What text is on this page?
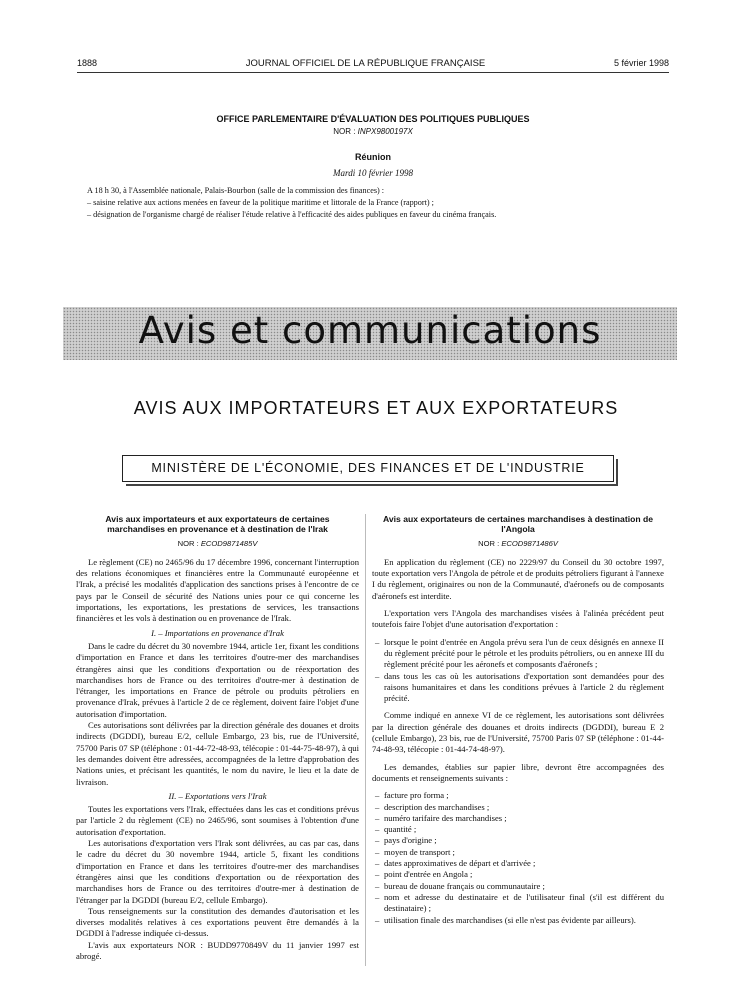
1888	JOURNAL OFFICIEL DE LA RÉPUBLIQUE FRANÇAISE	5 février 1998
OFFICE PARLEMENTAIRE D'ÉVALUATION DES POLITIQUES PUBLIQUES
NOR : INPX9800197X
Réunion
Mardi 10 février 1998
A 18 h 30, à l'Assemblée nationale, Palais-Bourbon (salle de la commission des finances) :
– saisine relative aux actions menées en faveur de la politique maritime et littorale de la France (rapport) ;
– désignation de l'organisme chargé de réaliser l'étude relative à l'efficacité des aides publiques en faveur du cinéma français.
Avis et communications
AVIS AUX IMPORTATEURS ET AUX EXPORTATEURS
MINISTÈRE DE L'ÉCONOMIE, DES FINANCES ET DE L'INDUSTRIE
Avis aux importateurs et aux exportateurs de certaines marchandises en provenance et à destination de l'Irak
NOR : ECOD9871485V

Le règlement (CE) no 2465/96 du 17 décembre 1996, concernant l'interruption des relations économiques et financières entre la Communauté européenne et l'Irak, a précisé les modalités d'application des sanctions prises à l'encontre de ce pays par le Conseil de sécurité des Nations unies pour ce qui concerne les importations, les exportations, les prestations de services, les transactions financières et les vols à destination ou en provenance de l'Irak.

I. – Importations en provenance d'Irak

Dans le cadre du décret du 30 novembre 1944, article 1er, fixant les conditions d'importation en France et dans les territoires d'outre-mer des marchandises étrangères ainsi que les conditions d'exportation ou de réexportation des marchandises hors de France ou des territoires d'outre-mer à destination de l'étranger, les importations en France de pétrole ou produits pétroliers en provenance d'Irak, prévues à l'article 2 de ce règlement, doivent faire l'objet d'une autorisation d'importation.

Ces autorisations sont délivrées par la direction générale des douanes et droits indirects (DGDDI), bureau E/2, cellule Embargo, 23 bis, rue de l'Université, 75700 Paris 07 SP (téléphone : 01-44-72-48-93, télécopie : 01-44-75-48-97), à qui les demandes doivent être adressées, accompagnées de la lettre d'approbation des Nations unies, et précisant les quantités, le nom du navire, le lieu et la date de livraison.

II. – Exportations vers l'Irak

Toutes les exportations vers l'Irak, effectuées dans les cas et conditions prévus par l'article 2 du règlement (CE) no 2465/96, sont soumises à l'obtention d'une autorisation d'exportation.

Les autorisations d'exportation vers l'Irak sont délivrées, au cas par cas, dans le cadre du décret du 30 novembre 1944, article 5, fixant les conditions d'importation en France et dans les territoires d'outre-mer des marchandises étrangères ainsi que les conditions d'exportation ou de réexportation des marchandises hors de France ou des territoires d'outre-mer à destination de l'étranger par la DGDDI (bureau E/2, cellule Embargo).

Tous renseignements sur la constitution des demandes d'autorisation et les diverses modalités relatives à ces exportations peuvent être demandés à la DGDDI à l'adresse indiquée ci-dessus.

L'avis aux exportateurs NOR : BUDD9770849V du 11 janvier 1997 est abrogé.

Avis aux exportateurs de certaines marchandises à destination de l'Angola
NOR : ECOD9871486V

En application du règlement (CE) no 2229/97 du Conseil du 30 octobre 1997, toute exportation vers l'Angola de pétrole et de produits pétroliers figurant à l'annexe I du règlement, originaires ou non de la Communauté, d'aéronefs ou de composants d'aéronefs est interdite.

L'exportation vers l'Angola des marchandises visées à l'alinéa précédent peut toutefois faire l'objet d'une autorisation d'exportation :

– lorsque le point d'entrée en Angola prévu sera l'un de ceux désignés en annexe II du règlement précité pour le pétrole et les produits pétroliers, ou en annexe III du règlement précité pour les aéronefs et composants d'aéronefs ;
– dans tous les cas où les autorisations d'exportation sont demandées pour des raisons humanitaires et dans les conditions prévues à l'article 2 du règlement précité.

Comme indiqué en annexe VI de ce règlement, les autorisations sont délivrées par la direction générale des douanes et droits indirects (DGDDI), bureau E 2 (cellule Embargo), 23 bis, rue de l'Université, 75700 Paris 07 SP (téléphone : 01-44-74-48-93, télécopie : 01-44-74-48-97).

Les demandes, établies sur papier libre, devront être accompagnées des documents et renseignements suivants :

– facture pro forma ;
– description des marchandises ;
– numéro tarifaire des marchandises ;
– quantité ;
– pays d'origine ;
– moyen de transport ;
– dates approximatives de départ et d'arrivée ;
– point d'entrée en Angola ;
– bureau de douane français ou communautaire ;
– nom et adresse du destinataire et de l'utilisateur final (s'il est différent du destinataire) ;
– utilisation finale des marchandises (si elle n'est pas évidente par ailleurs).
